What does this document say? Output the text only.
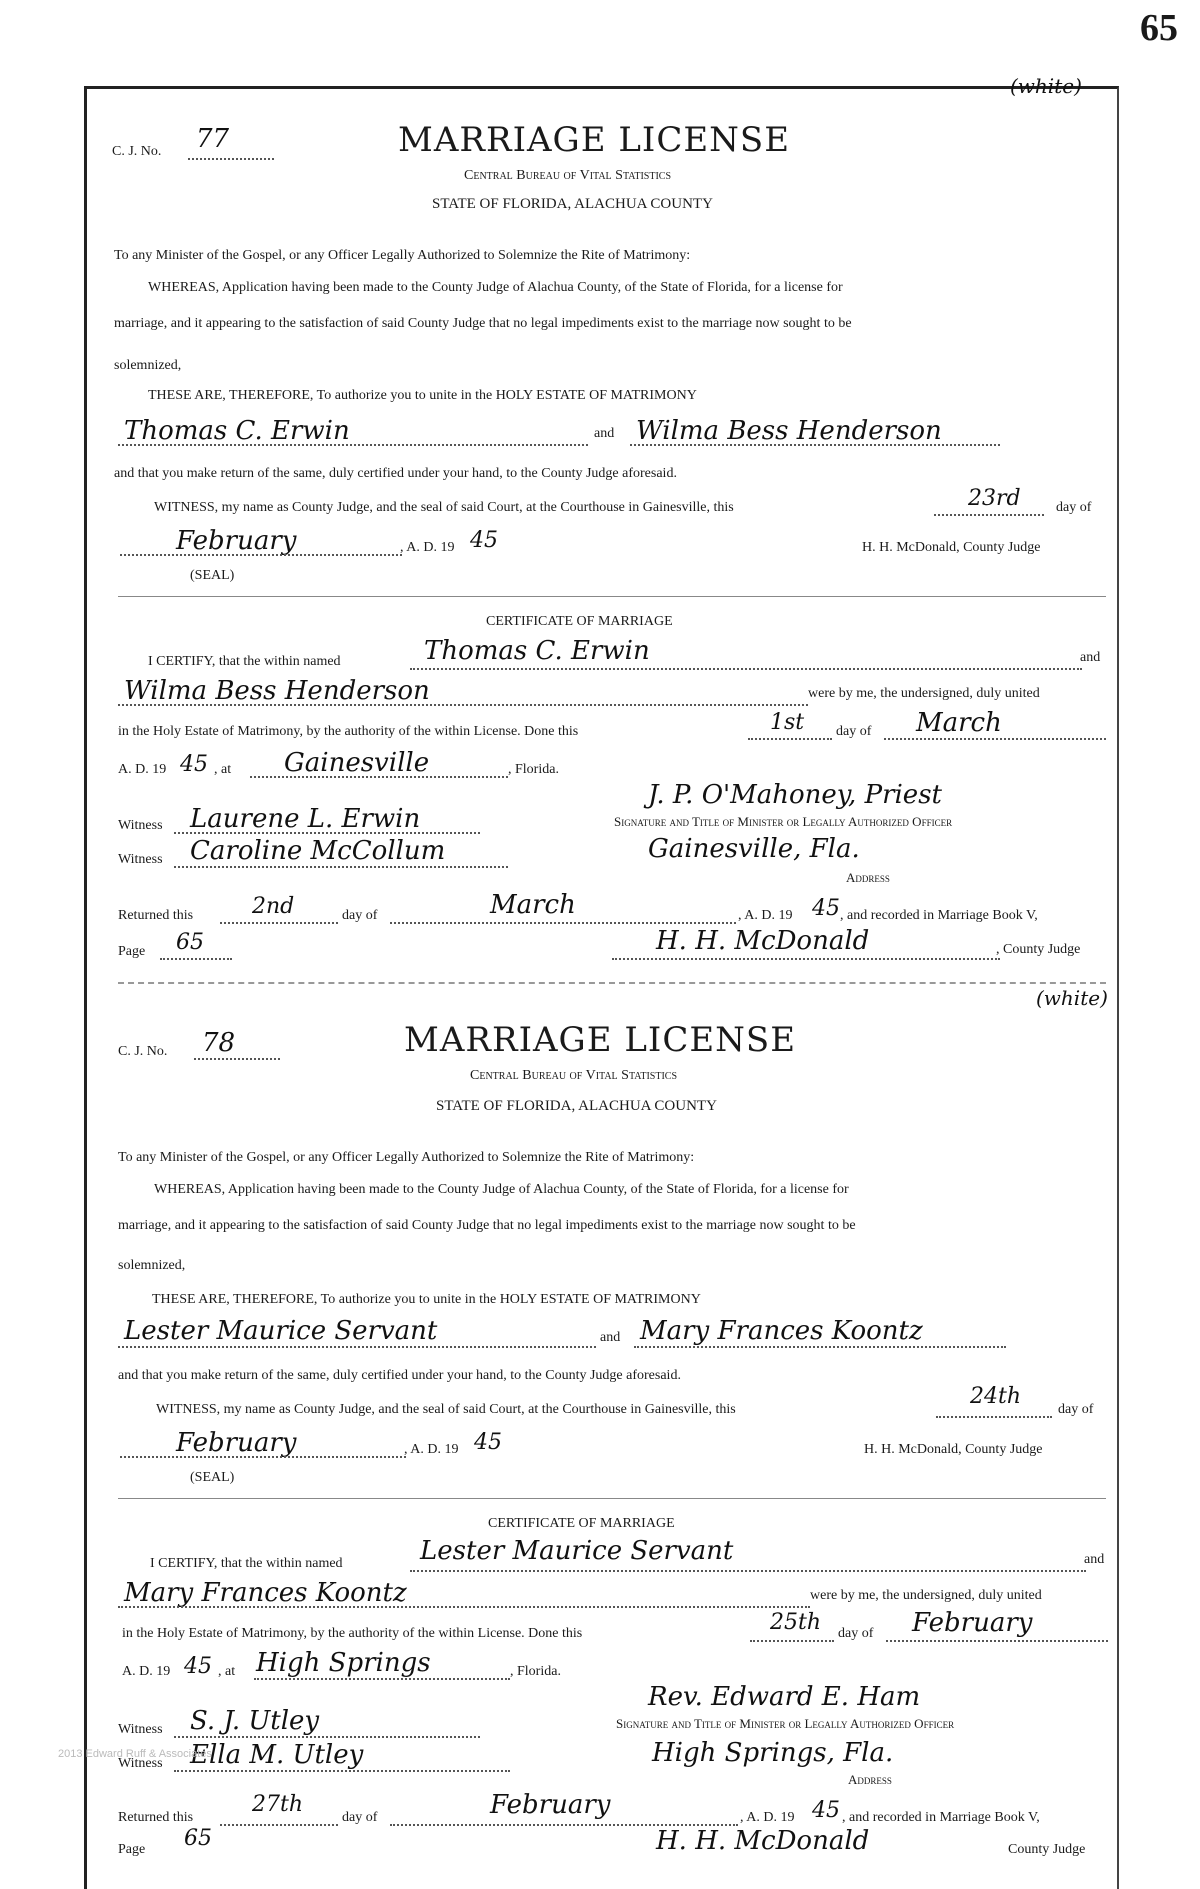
65
(white)
C. J. No. 77	MARRIAGE LICENSE
Central Bureau of Vital Statistics
STATE OF FLORIDA, ALACHUA COUNTY
To any Minister of the Gospel, or any Officer Legally Authorized to Solemnize the Rite of Matrimony:
WHEREAS, Application having been made to the County Judge of Alachua County, of the State of Florida, for a license for
marriage, and it appearing to the satisfaction of said County Judge that no legal impediments exist to the marriage now sought to be
solemnized,
THESE ARE, THEREFORE, To authorize you to unite in the HOLY ESTATE OF MATRIMONY
Thomas C. Erwin	and Wilma Bess Henderson
and that you make return of the same, duly certified under your hand, to the County Judge aforesaid.
WITNESS, my name as County Judge, and the seal of said Court, at the Courthouse in Gainesville, this	23rd	day of
February	, A. D. 19 45	H. H. McDonald, County Judge
(SEAL)
CERTIFICATE OF MARRIAGE
I CERTIFY, that the within named	Thomas C. Erwin	and
Wilma Bess Henderson	were by me, the undersigned, duly united
in the Holy Estate of Matrimony, by the authority of the within License. Done this	1st day of March
A. D. 19 45 , at Gainesville	, Florida.
Witness Laurene L. Erwin
Witness Caroline McCollum
J. P. O'Mahoney, Priest
Signature and Title of Minister or Legally Authorized Officer
Gainesville, Fla.
Address
Returned this	2nd	day of	March	, A. D. 19 45 , and recorded in Marriage Book V,
Page 65	H. H. McDonald	, County Judge
(white)
C. J. No. 78	MARRIAGE LICENSE
Central Bureau of Vital Statistics
STATE OF FLORIDA, ALACHUA COUNTY
To any Minister of the Gospel, or any Officer Legally Authorized to Solemnize the Rite of Matrimony:
WHEREAS, Application having been made to the County Judge of Alachua County, of the State of Florida, for a license for
marriage, and it appearing to the satisfaction of said County Judge that no legal impediments exist to the marriage now sought to be
solemnized,
THESE ARE, THEREFORE, To authorize you to unite in the HOLY ESTATE OF MATRIMONY
Lester Maurice Servant	and Mary Frances Koontz
and that you make return of the same, duly certified under your hand, to the County Judge aforesaid.
WITNESS, my name as County Judge, and the seal of said Court, at the Courthouse in Gainesville, this
24th
day of
February	, A. D. 19 45	H. H. McDonald, County Judge
(SEAL)
CERTIFICATE OF MARRIAGE
I CERTIFY, that the within named	Lester Maurice Servant	and
Mary Frances Koontz	were by me, the undersigned, duly united
in the Holy Estate of Matrimony, by the authority of the within License. Done this	25th day of February
A. D. 19 45 , at High Springs	, Florida.
Witness S. J. Utley
Witness Ella M. Utley
Rev. Edward E. Ham
Signature and Title of Minister or Legally Authorized Officer
High Springs, Fla.
Address
Returned this
27th
day of	February	, A. D. 19 45 , and recorded in Marriage Book V,
Page 65	H. H. McDonald	County Judge
2013 Edward Ruff & Associates
